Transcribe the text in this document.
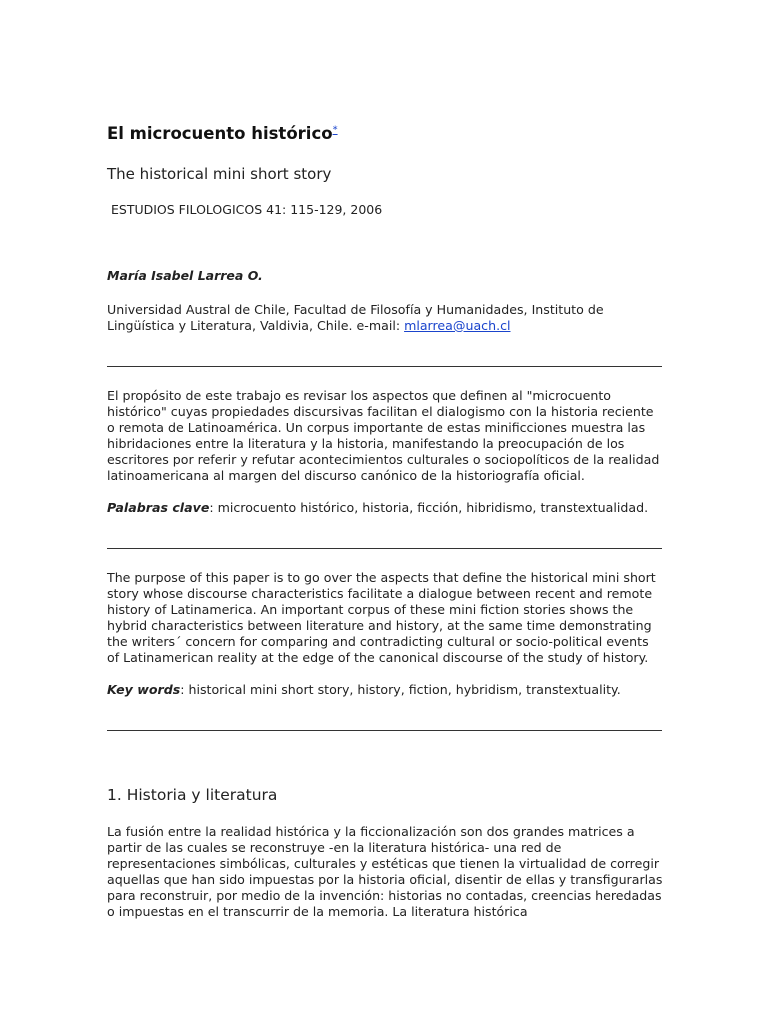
El microcuento histórico*
The historical mini short story
ESTUDIOS FILOLOGICOS 41: 115-129, 2006
María Isabel Larrea O.
Universidad Austral de Chile, Facultad de Filosofía y Humanidades, Instituto de Lingüística y Literatura, Valdivia, Chile. e-mail: mlarrea@uach.cl
El propósito de este trabajo es revisar los aspectos que definen al "microcuento histórico" cuyas propiedades discursivas facilitan el dialogismo con la historia reciente o remota de Latinoamérica. Un corpus importante de estas minificciones muestra las hibridaciones entre la literatura y la historia, manifestando la preocupación de los escritores por referir y refutar acontecimientos culturales o sociopolíticos de la realidad latinoamericana al margen del discurso canónico de la historiografía oficial.
Palabras clave: microcuento histórico, historia, ficción, hibridismo, transtextualidad.
The purpose of this paper is to go over the aspects that define the historical mini short story whose discourse characteristics facilitate a dialogue between recent and remote history of Latinamerica. An important corpus of these mini fiction stories shows the hybrid characteristics between literature and history, at the same time demonstrating the writers´ concern for comparing and contradicting cultural or socio-political events of Latinamerican reality at the edge of the canonical discourse of the study of history.
Key words: historical mini short story, history, fiction, hybridism, transtextuality.
1. Historia y literatura
La fusión entre la realidad histórica y la ficcionalización son dos grandes matrices a partir de las cuales se reconstruye -en la literatura histórica- una red de representaciones simbólicas, culturales y estéticas que tienen la virtualidad de corregir aquellas que han sido impuestas por la historia oficial, disentir de ellas y transfigurarlas para reconstruir, por medio de la invención: historias no contadas, creencias heredadas o impuestas en el transcurrir de la memoria. La literatura histórica
